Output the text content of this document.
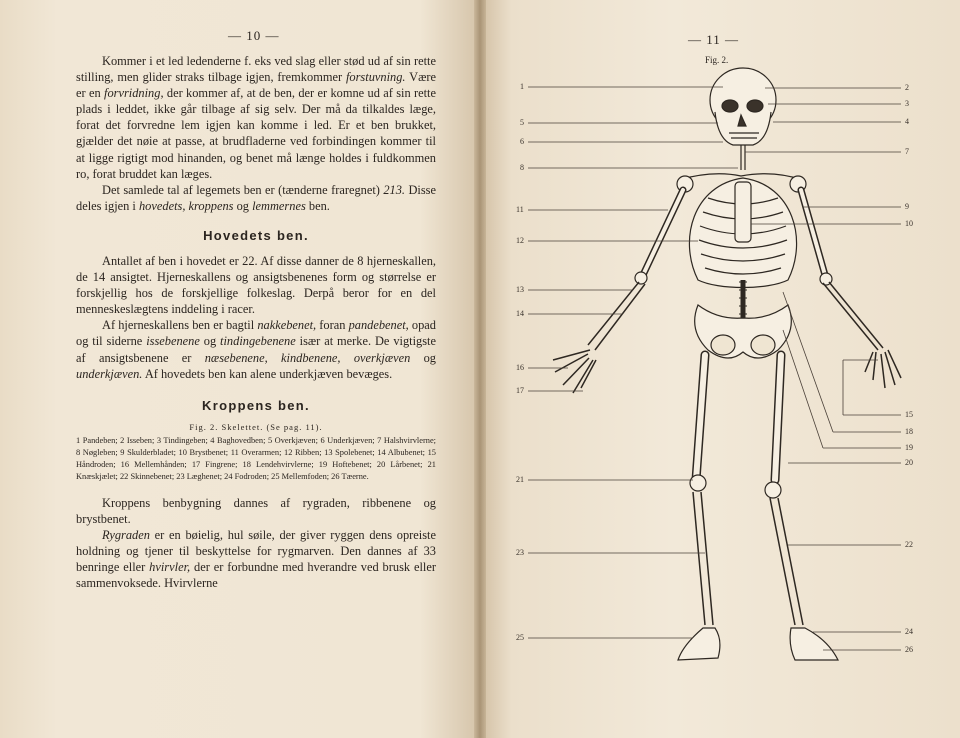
— 10 —

Kommer i et led ledenderne f. eks ved slag eller stød ud af sin rette stilling, men glider straks tilbage igjen, fremkommer forstuvning. Være er en forvridning, der kommer af, at de ben, der er komne ud af sin rette plads i leddet, ikke går tilbage af sig selv. Der må da tilkaldes læge, forat det forvredne lem igjen kan komme i led. Er et ben brukket, gjælder det nøie at passe, at brudfladerne ved forbindingen kommer til at ligge rigtigt mod hinanden, og benet må længe holdes i fuldkommen ro, forat bruddet kan læges.

Det samlede tal af legemets ben er (tænderne fraregnet) 213. Disse deles igjen i hovedets, kroppens og lemmernes ben.

Hovedets ben.

Antallet af ben i hovedet er 22. Af disse danner de 8 hjerneskallen, de 14 ansigtet. Hjerneskallens og ansigtsbenenes form og størrelse er forskjellig hos de forskjellige folkeslag. Derpå beror for en del menneskeslægtens inddeling i racer.

Af hjerneskallens ben er bagtil nakkebenet, foran pandebenet, opad og til siderne issebenene og tindingebenene især at merke. De vigtigste af ansigtsbenene er næsebenene, kindbenene, overkjæven og underkjæven. Af hovedets ben kan alene underkjæven bevæges.

Kroppens ben.

Fig. 2. Skelettet. (Se pag. 11).

1 Pandeben; 2 Isseben; 3 Tindingeben; 4 Baghovedben; 5 Overkjæven; 6 Underkjæven; 7 Halshvirvlerne; 8 Nøgleben; 9 Skulderbladet; 10 Brystbenet; 11 Overarmen; 12 Ribben; 13 Spolebenet; 14 Albubenet; 15 Håndroden; 16 Mellemhånden; 17 Fingrene; 18 Lendehvirvlerne; 19 Hoftebenet; 20 Lårbenet; 21 Knæskjælet; 22 Skinnebenet; 23 Læghenet; 24 Fodroden; 25 Mellemfoden; 26 Tæerne.

Kroppens benbygning dannes af rygraden, ribbenene og brystbenet.

Rygraden er en bøielig, hul søile, der giver ryggen dens opreiste holdning og tjener til beskyttelse for rygmarven. Den dannes af 33 benringe eller hvirvler, der er forbundne med hverandre ved brusk eller sammenvoksede. Hvirvlerne

— 11 —
Fig. 2.
1
5
6
8
11
12
13
14
16
17
21
23
25
2
3
4
7
9
10
15
18
19
20
22
24
26
